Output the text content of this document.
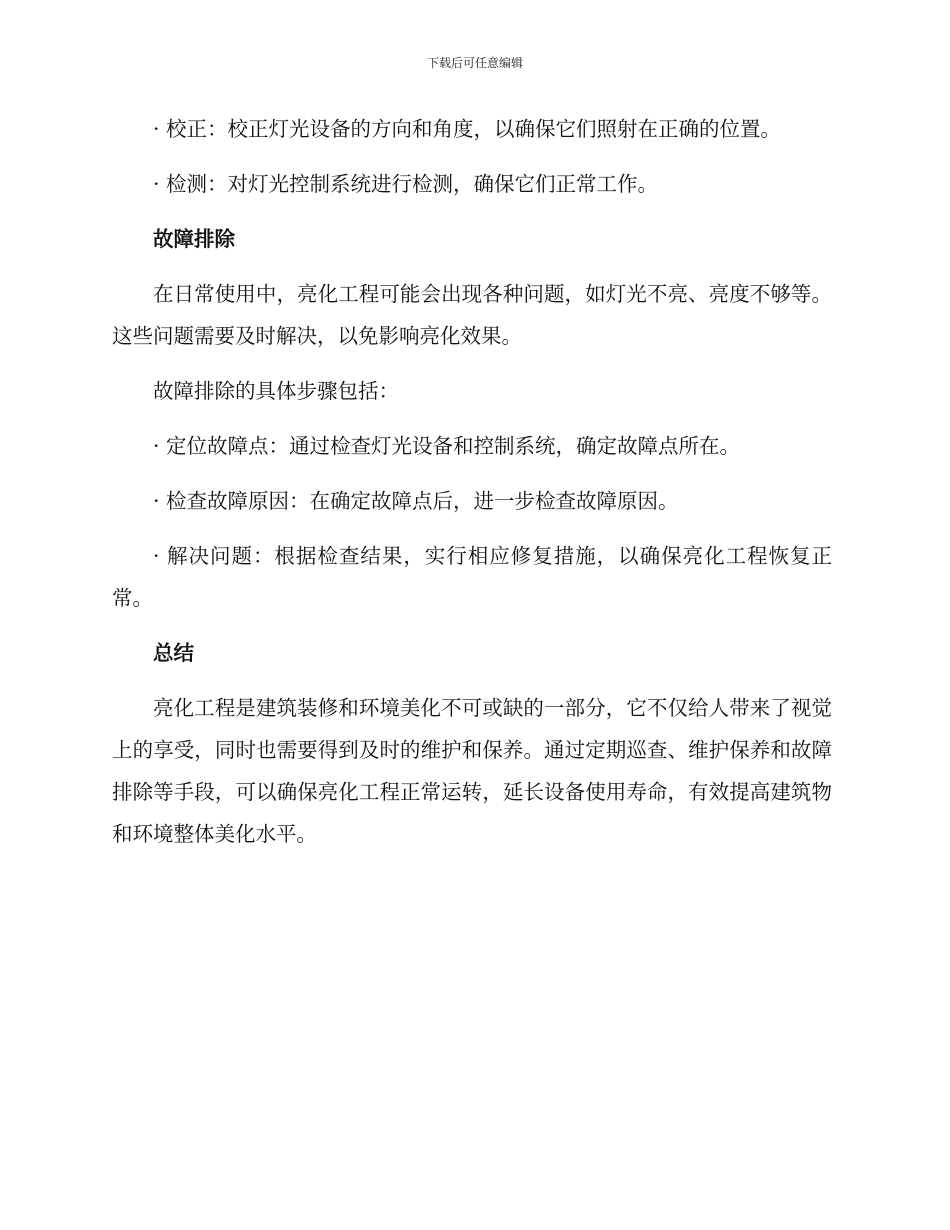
下载后可任意编辑

· 校正：校正灯光设备的方向和角度，以确保它们照射在正确的位置。

· 检测：对灯光控制系统进行检测，确保它们正常工作。

故障排除

在日常使用中，亮化工程可能会出现各种问题，如灯光不亮、亮度不够等。这些问题需要及时解决，以免影响亮化效果。

故障排除的具体步骤包括：

· 定位故障点：通过检查灯光设备和控制系统，确定故障点所在。

· 检查故障原因：在确定故障点后，进一步检查故障原因。

· 解决问题：根据检查结果，实行相应修复措施，以确保亮化工程恢复正常。

总结

亮化工程是建筑装修和环境美化不可或缺的一部分，它不仅给人带来了视觉上的享受，同时也需要得到及时的维护和保养。通过定期巡查、维护保养和故障排除等手段，可以确保亮化工程正常运转，延长设备使用寿命，有效提高建筑物和环境整体美化水平。
